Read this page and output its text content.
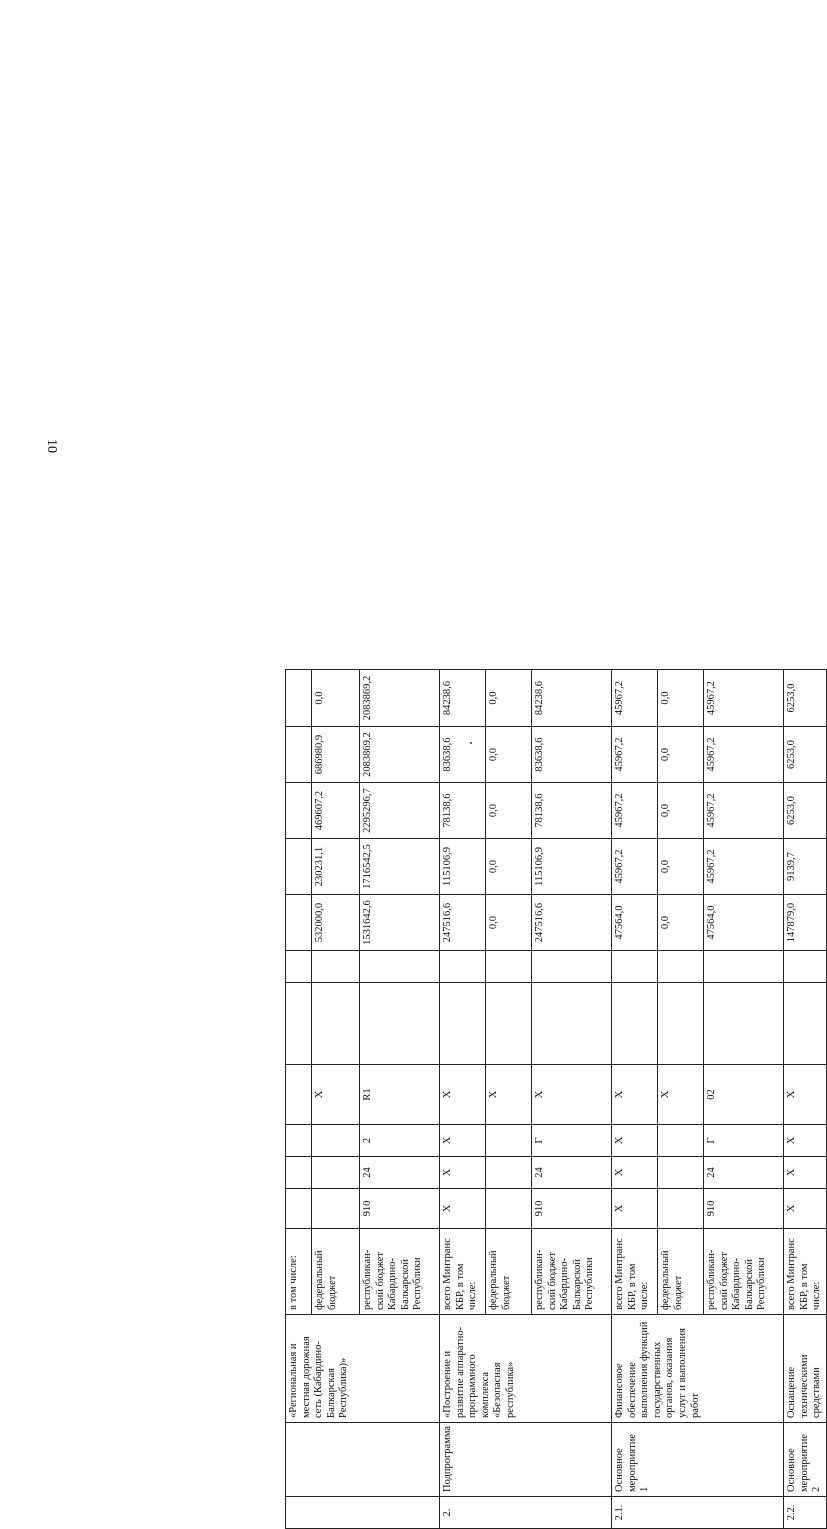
10
		«Региональная и местная дорожная сеть (Кабардино-Балкарская Республика)»	в том числе:											
			федеральный бюджет				X			532000,0	230231,1	469607,2	686980,9	0,0
			республикан-ский бюджет Кабардино-Балкарской Республики	910	24	2	R1			1531642,6	1716542,5	2295296,7	2083869,2	2083869,2
2.	Подпрограмма	«Построение и развитие аппаратно-программного комплекса «Безопасная республика»	всего Минтранс КБР, в том числе:	X	X	X	X			247516,6	115106,9	78138,6	83638,6	84238,6
			федеральный бюджет				X			0,0	0,0	0,0	0,0	0,0
			республикан-ский бюджет Кабардино-Балкарской Республики	910	24	Г	X			247516,6	115106,9	78138,6	83638,6	84238,6
2.1.	Основное мероприятие 1	Финансовое обеспечение выполнения функций государственных органов, оказания услуг и выполнения работ	всего Минтранс КБР, в том числе:	X	X	X	X			47564,0	45967,2	45967,2	45967,2	45967,2
			федеральный бюджет				X			0,0	0,0	0,0	0,0	0,0
			республикан-ский бюджет Кабардино-Балкарской Республики	910	24	Г	02			47564,0	45967,2	45967,2	45967,2	45967,2
2.2.	Основное мероприятие 2	Оснащение техническими средствами	всего Минтранс КБР, в том числе:	X	X	X	X			147879,0	9139,7	6253,0	6253,0	6253,0
